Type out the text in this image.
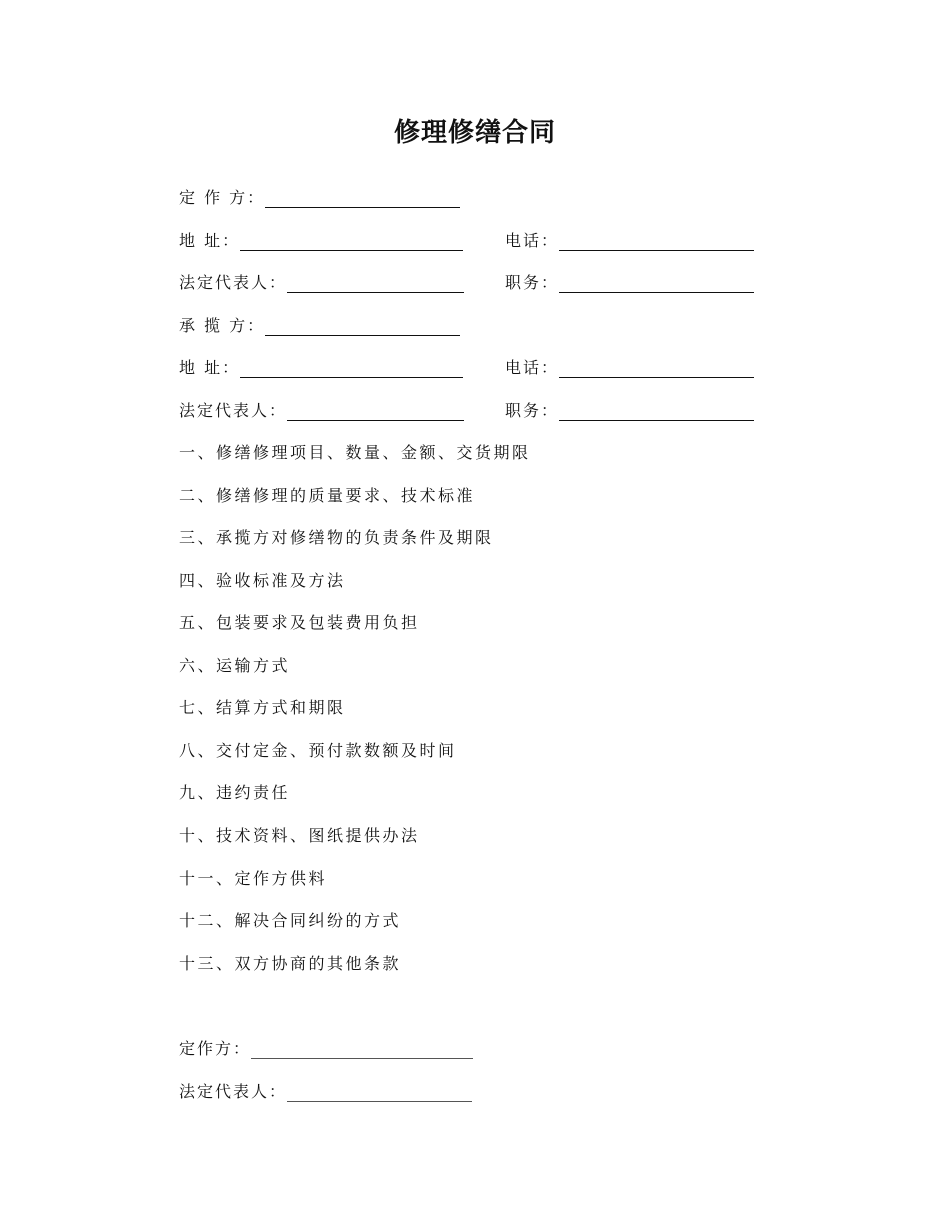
修理修缮合同
定 作 方：
地 址：	电话：
法定代表人：	职务：
承 揽 方：
地 址：	电话：
法定代表人：	职务：
一、修缮修理项目、数量、金额、交货期限
二、修缮修理的质量要求、技术标准
三、承揽方对修缮物的负责条件及期限
四、验收标准及方法
五、包装要求及包装费用负担
六、运输方式
七、结算方式和期限
八、交付定金、预付款数额及时间
九、违约责任
十、技术资料、图纸提供办法
十一、定作方供料
十二、解决合同纠纷的方式
十三、双方协商的其他条款
定作方：
法定代表人：
